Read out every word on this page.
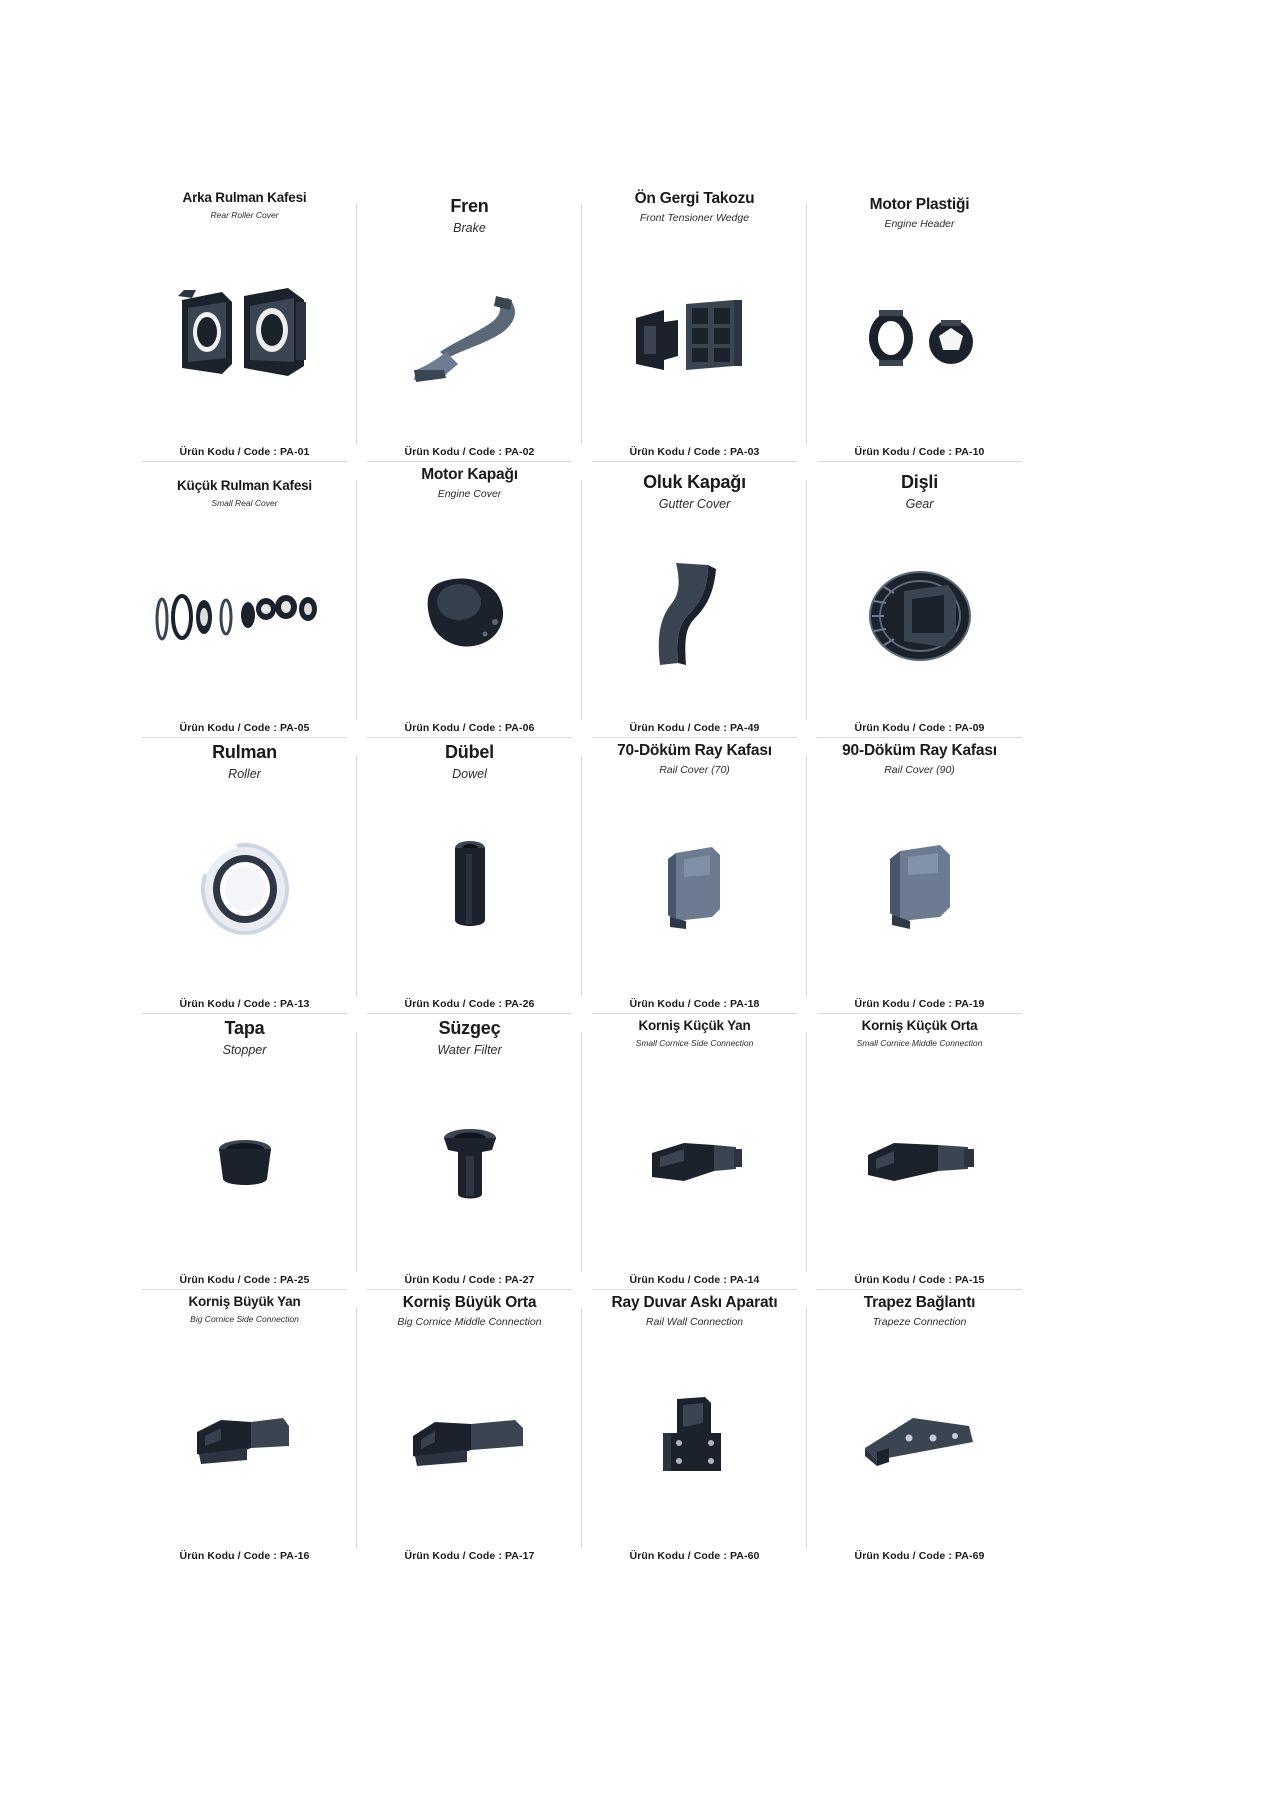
Arka Rulman Kafesi
Rear Roller Cover
Ürün Kodu / Code : PA-01
Fren
Brake
Ürün Kodu / Code : PA-02
Ön Gergi Takozu
Front Tensioner Wedge
Ürün Kodu / Code : PA-03
Motor Plastiği
Engine Header
Ürün Kodu / Code : PA-10
Küçük Rulman Kafesi
Small Real Cover
Ürün Kodu / Code : PA-05
Motor Kapağı
Engine Cover
Ürün Kodu / Code : PA-06
Oluk Kapağı
Gutter Cover
Ürün Kodu / Code : PA-49
Dişli
Gear
Ürün Kodu / Code : PA-09
Rulman
Roller
Ürün Kodu / Code : PA-13
Dübel
Dowel
Ürün Kodu / Code : PA-26
70-Döküm Ray Kafası
Rail Cover (70)
Ürün Kodu / Code : PA-18
90-Döküm Ray Kafası
Rail Cover (90)
Ürün Kodu / Code : PA-19
Tapa
Stopper
Ürün Kodu / Code : PA-25
Süzgeç
Water Filter
Ürün Kodu / Code : PA-27
Korniş Küçük Yan
Small Cornice Side Connection
Ürün Kodu / Code : PA-14
Korniş Küçük Orta
Small Cornice Middle Connection
Ürün Kodu / Code : PA-15
Korniş Büyük Yan
Big Cornice Side Connection
Ürün Kodu / Code : PA-16
Korniş Büyük Orta
Big Cornice Middle Connection
Ürün Kodu / Code : PA-17
Ray Duvar Askı Aparatı
Rail Wall Connection
Ürün Kodu / Code : PA-60
Trapez Bağlantı
Trapeze Connection
Ürün Kodu / Code : PA-69
